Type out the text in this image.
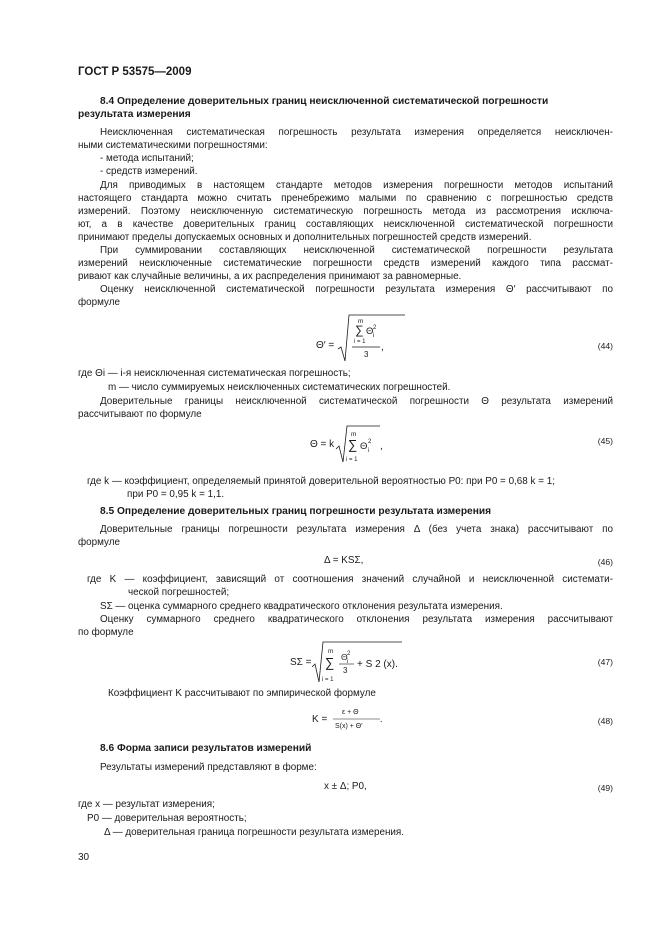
ГОСТ Р 53575—2009
8.4 Определение доверительных границ неисключенной систематической погрешности
результата измерения
Неисключенная систематическая погрешность результата измерения определяется неисключен-
ными систематическими погрешностями:
- метода испытаний;
- средств измерений.
Для приводимых в настоящем стандарте методов измерения погрешности методов испытаний
настоящего стандарта можно считать пренебрежимо малыми по сравнению с погрешностью средств
измерений. Поэтому неисключенную систематическую погрешность метода из рассмотрения исключа-
ют, а в качестве доверительных границ составляющих неисключенной систематической погрешности
принимают пределы допускаемых основных и дополнительных погрешностей средств измерений.
При суммировании составляющих неисключенной систематической погрешности результата
измерений неисключенные систематические погрешности средств измерений каждого типа рассмат-
ривают как случайные величины, а их распределения принимают за равномерные.
Оценку неисключенной систематической погрешности результата измерения Θ′ рассчитывают по
формуле
Θ′ =
m
∑ Θ i
2
i = 1
3
,	(44)
где Θi — i-я неисключенная систематическая погрешность;
m — число суммируемых неисключенных систематических погрешностей.
Доверительные границы неисключенной систематической погрешности Θ результата измерений
рассчитывают по формуле
Θ = k
m
∑ Θ i
2
i = 1
,	(45)
где k — коэффициент, определяемый принятой доверительной вероятностью P0: при P0 = 0,68 k = 1;
при P0 = 0,95 k = 1,1.
8.5 Определение доверительных границ погрешности результата измерения
Доверительные границы погрешности результата измерения Δ (без учета знака) рассчитывают по
формуле
Δ = KSΣ,	(46)
где K — коэффициент, зависящий от соотношения значений случайной и неисключенной системати-
ческой погрешностей;
SΣ — оценка суммарного среднего квадратического отклонения результата измерения.
Оценку суммарного среднего квадратического отклонения результата измерения рассчитывают
по формуле
SΣ =
m
∑ Θ 2
i
3
i = 1
+ S 2 (x).	(47)
Коэффициент K рассчитывают по эмпирической формуле
K =
ε + Θ
S(x) + Θ′
.	(48)
8.6 Форма записи результатов измерений
Результаты измерений представляют в форме:
x ± Δ; P0,	(49)
где x — результат измерения;
P0 — доверительная вероятность;
Δ — доверительная граница погрешности результата измерения.
30
